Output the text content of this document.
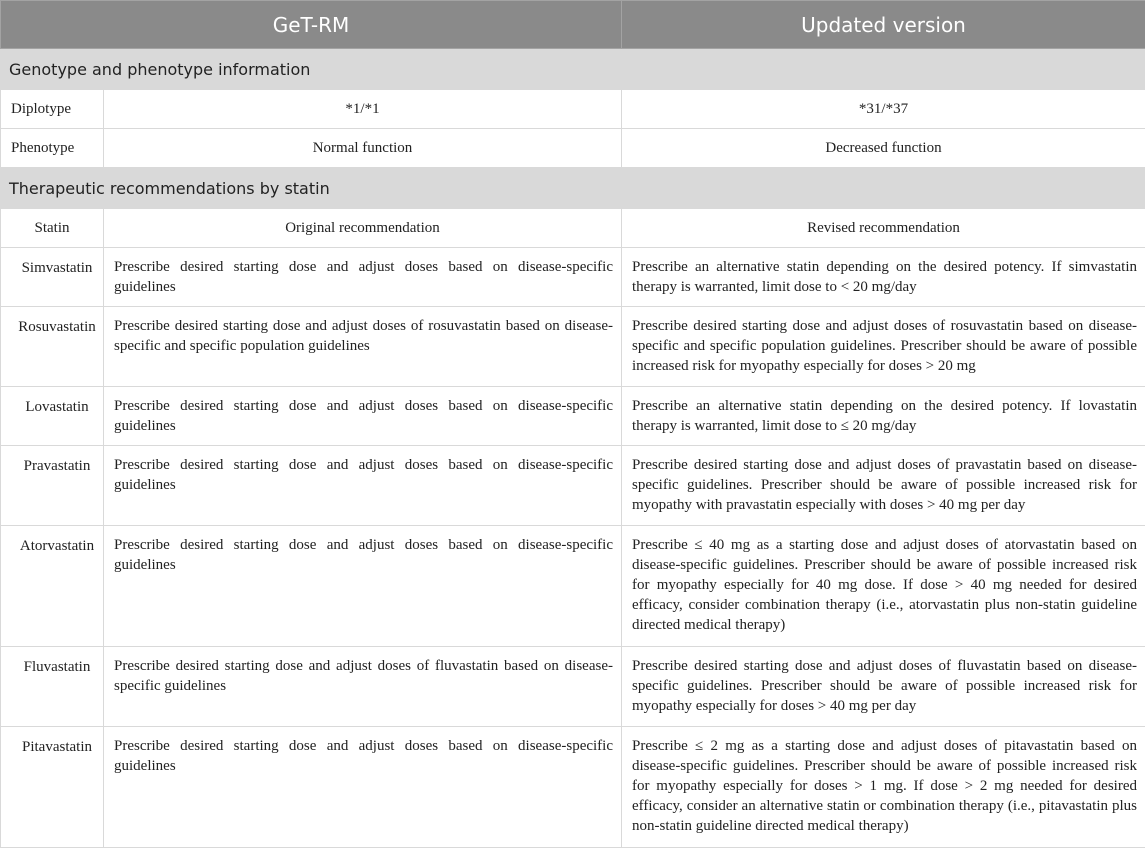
GeT-RM		Updated version
Genotype and phenotype information		
Diplotype	*1/*1	*31/*37
Phenotype	Normal function	Decreased function
Therapeutic recommendations by statin		
Statin	Original recommendation	Revised recommendation
Simvastatin	Prescribe desired starting dose and adjust doses based on disease-specific guidelines	Prescribe an alternative statin depending on the desired potency. If simvastatin therapy is warranted, limit dose to < 20 mg/day
Rosuvastatin	Prescribe desired starting dose and adjust doses of rosuvastatin based on disease-specific and specific population guidelines	Prescribe desired starting dose and adjust doses of rosuvastatin based on disease-specific and specific population guidelines. Prescriber should be aware of possible increased risk for myopathy especially for doses > 20 mg
Lovastatin	Prescribe desired starting dose and adjust doses based on disease-specific guidelines	Prescribe an alternative statin depending on the desired potency. If lovastatin therapy is warranted, limit dose to ≤ 20 mg/day
Pravastatin	Prescribe desired starting dose and adjust doses based on disease-specific guidelines	Prescribe desired starting dose and adjust doses of pravastatin based on disease-specific guidelines. Prescriber should be aware of possible increased risk for myopathy with pravastatin especially with doses > 40 mg per day
Atorvastatin	Prescribe desired starting dose and adjust doses based on disease-specific guidelines	Prescribe ≤ 40 mg as a starting dose and adjust doses of atorvastatin based on disease-specific guidelines. Prescriber should be aware of possible increased risk for myopathy especially for 40 mg dose. If dose > 40 mg needed for desired efficacy, consider combination therapy (i.e., atorvastatin plus non-statin guideline directed medical therapy)
Fluvastatin	Prescribe desired starting dose and adjust doses of fluvastatin based on disease-specific guidelines	Prescribe desired starting dose and adjust doses of fluvastatin based on disease-specific guidelines. Prescriber should be aware of possible increased risk for myopathy especially for doses > 40 mg per day
Pitavastatin	Prescribe desired starting dose and adjust doses based on disease-specific guidelines	Prescribe ≤ 2 mg as a starting dose and adjust doses of pitavastatin based on disease-specific guidelines. Prescriber should be aware of possible increased risk for myopathy especially for doses > 1 mg. If dose > 2 mg needed for desired efficacy, consider an alternative statin or combination therapy (i.e., pitavastatin plus non-statin guideline directed medical therapy)
